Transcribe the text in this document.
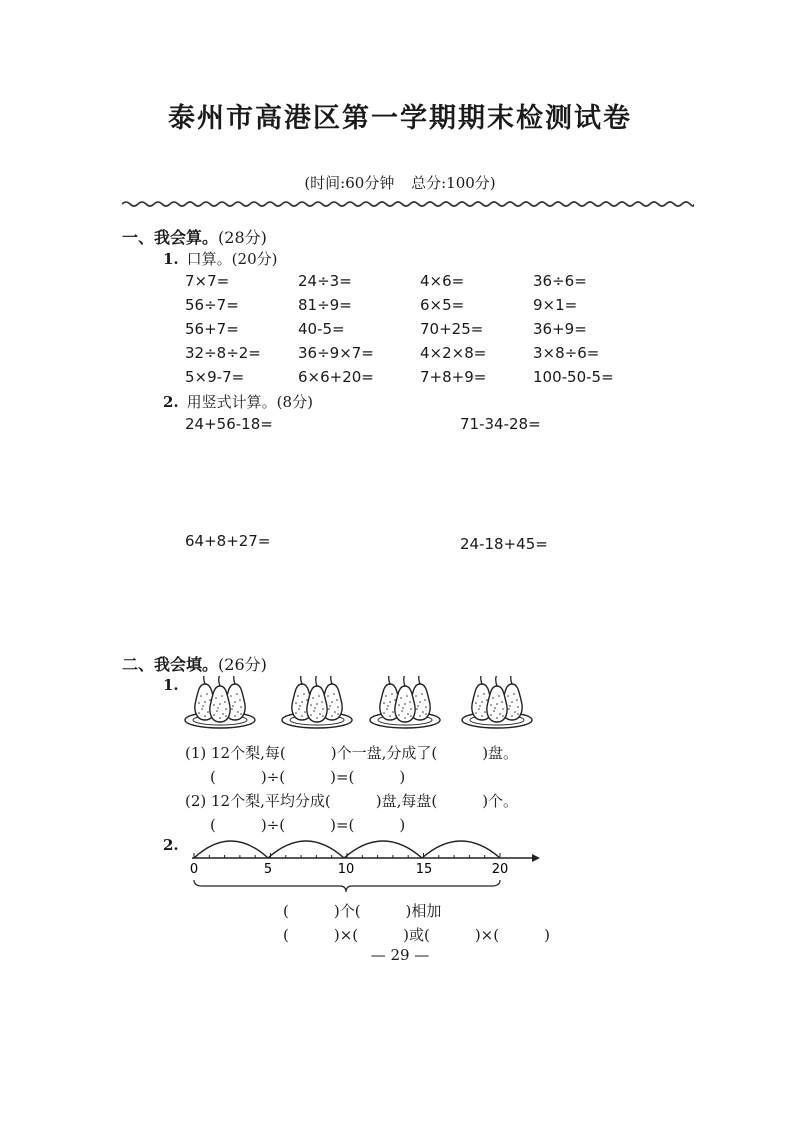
泰州市高港区第一学期期末检测试卷
(时间:60分钟 总分:100分)
一、我会算。(28分)
1. 口算。(20分)
7×7=	24÷3=	4×6=	36÷6=
56÷7=	81÷9=	6×5=	9×1=
56+7=	40-5=	70+25=	36+9=
32÷8÷2= 36÷9×7=	4×2×8=	3×8÷6=
5×9-7=	6×6+20=	7+8+9=	100-50-5=
2. 用竖式计算。(8分)
24+56-18=	71-34-28=
64+8+27=	24-18+45=
二、我会填。(26分)
1.
(1) 12个梨,每(　　　)个一盘,分成了(　　　)盘。
(　　　)÷(　　　)=(　　　)
(2) 12个梨,平均分成(　　　)盘,每盘(　　　)个。
(　　　)÷(　　　)=(　　　)
2.
0	5	10	15	20
(　　　)个(　　　)相加
(　　　)×(　　　)或(　　　)×(　　　)
— 29 —
